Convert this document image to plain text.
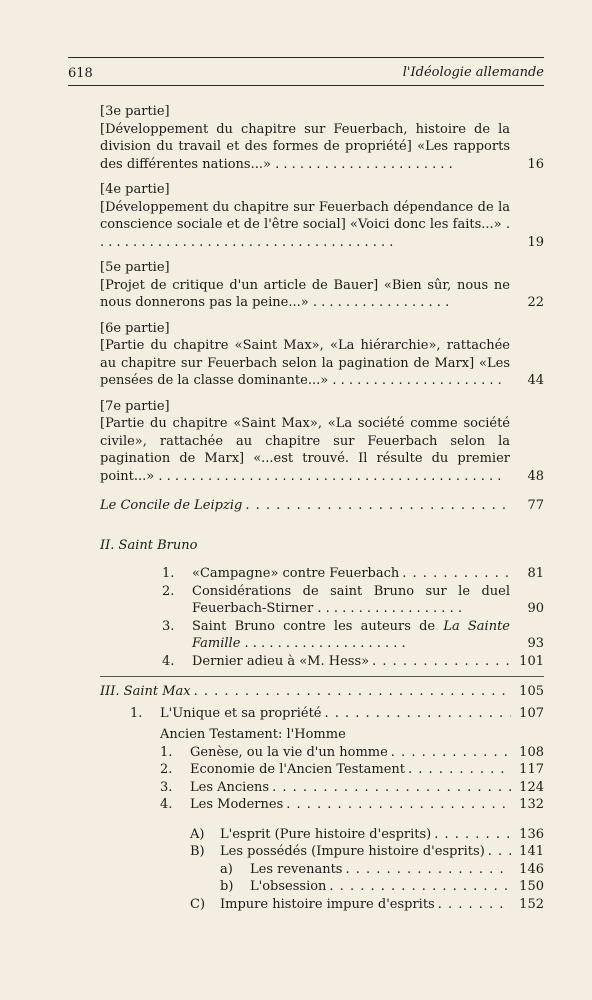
618	l'Idéologie allemande
[3e partie]
[Développement du chapitre sur Feuerbach, histoire de la division du travail et des formes de propriété] «Les rapports des différentes nations...» . . . . . . . . . . . . . . . . . . . . . .	16
[4e partie]
[Développement du chapitre sur Feuerbach dépendance de la conscience sociale et de l'être social] «Voici donc les faits...» . . . . . . . . . . . . . . . . . . . . . . . . . . . . . . . . . . . . .	19
[5e partie]
[Projet de critique d'un article de Bauer] «Bien sûr, nous ne nous donnerons pas la peine...» . . . . . . . . . . . . . . . . .	22
[6e partie]
[Partie du chapitre «Saint Max», «La hiérarchie», rattachée au chapitre sur Feuerbach selon la pagination de Marx] «Les pensées de la classe dominante...» . . . . . . . . . . . . . . . . . . . . .	44
[7e partie]
[Partie du chapitre «Saint Max», «La société comme société civile», rattachée au chapitre sur Feuerbach selon la pagination de Marx] «...est trouvé. Il résulte du premier point...» . . . . . . . . . . . . . . . . . . . . . . . . . . . . . . . . . . . . . . . . . .	48
Le Concile de Leipzig . . .	77
II. Saint Bruno
1. «Campagne» contre Feuerbach . . .	81
2.	Considérations de saint Bruno sur le duel Feuerbach-Stirner . . . . . . . . . . . . . . . . . .	90
3.	Saint Bruno contre les auteurs de La Sainte Famille . . . . . . . . . . . . . . . . . . . .	93
4. Dernier adieu à «M. Hess» . . .	101
III. Saint Max . . .	105
1. L'Unique et sa propriété . . .	107
Ancien Testament: l'Homme
1. Genèse, ou la vie d'un homme . . .	108
2. Economie de l'Ancien Testament . . .	117
3. Les Anciens . . .	124
4. Les Modernes . . .	132
A) L'esprit (Pure histoire d'esprits) . . .	136
B) Les possédés (Impure histoire d'esprits) . . .	141
a) Les revenants . . .	146
b) L'obsession . . .	150
C) Impure histoire impure d'esprits . . .	152
